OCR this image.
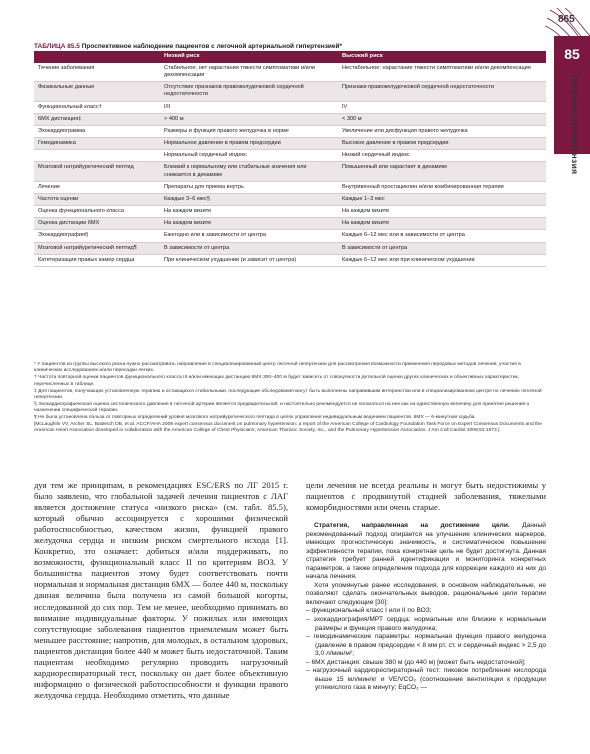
865
85
Легочная гипертензия
ТАБЛИЦА 85.5 Проспективное наблюдение пациентов с легочной артериальной гипертензией*
	Низкий риск	Высокий риск
Течение заболевания	Стабильное; нет нарастания тяжести симптоматики и/или декомпенсации	Нестабильное; нарастание тяжести симптоматики и/или декомпенсация
Физикальные данные	Отсутствие признаков правожелудочковой сердечной недостаточности	Признаки правожелудочковой сердечной недостаточности
Функциональный класс†	I/II	IV
6МХ дистанция‡	> 400 м	< 300 м
Эхокардиограмма	Размеры и функция правого желудочка в норме	Увеличение или дисфункция правого желудочка
Гемодинамика	Нормальное давление в правом предсердии	Высокое давление в правом предсердии
	Нормальный сердечный индекс	Низкий сердечный индекс
Мозговой натрийуретический пептид	Близкий к нормальному или стабильные значения или снижается в динамике	Повышенный или нарастает в динамике
Лечение	Препараты для приема внутрь	Внутривенный простациклин и/или комбинированная терапия
Частота оценки	Каждые 3–6 мес§	Каждые 1–3 мес
Оценка функционального класса	На каждом визите	На каждом визите
Оценка дистанции 6МХ	На каждом визите	На каждом визите
Эхокардиография§	Ежегодно или в зависимости от центра	Каждые 6–12 мес или в зависимости от центра
Мозговой натрийуретический пептид¶	В зависимости от центра	В зависимости от центра
Катетеризация правых камер сердца	При клиническом ухудшении (и зависит от центра)	Каждые 6–12 мес или при клиническом ухудшении

* У пациентов из группы высокого риска нужно рассматривать направление в специализированный центр легочной гипертензии для рассмотрения возможности применения передовых методов лечения, участия в клинических исследованиях и/или пересадки легких.

† Частота повторной оценки пациентов функционального класса III и/или имеющих дистанцию 6МХ 300–400 м будет зависеть от совокупности детальной оценки других клинических и объективных характеристик, перечисленных в таблице.

‡ Для пациентов, получающих установленную терапию и остающихся стабильными, последующие обследования могут быть выполнены направившим интернистом или в специализированном центре по лечению легочной гипертензии.

§ Эхокардиографическая оценка систолического давления в легочной артерии является предварительной, и настоятельно рекомендуется не полагаться на нее как на единственную величину для принятия решения о назначении специфической терапии.

¶ Не была установлена польза от повторных определений уровня мозгового натрийуретического пептида в целях управления индивидуальным ведением пациентов. 6МХ — 6-минутная ходьба.

[McLaughlin VV, Archer SL, Badesch DB, et al. ACCF/AHA 2009 expert consensus document on pulmonary hypertension: a report of the American College of Cardiology Foundation Task Force on Expert Consensus Documents and the American Heart Association developed in collaboration with the American College of Chest Physicians; American Thoracic Society, Inc., and the Pulmonary Hypertension Association. J Am Coll Cardiol 2009;53:1573.]

дуя тем же принципам, в рекомендациях ESC/ERS по ЛГ 2015 г. было заявлено, что глобальной задачей лечения пациентов с ЛАГ является достижение статуса «низкого риска» (см. табл. 85.5), который обычно ассоциируется с хорошими физической работоспособностью, качеством жизни, функцией правого желудочка сердца и низким риском смертельного исхода [1]. Конкретно, это означает: добиться и/или поддерживать, по возможности, функциональный класс II по критериям ВОЗ. У большинства пациентов этому будет соответствовать почти нормальная и нормальная дистанция 6МХ — более 440 м, поскольку данная величина была получена из самой большой когорты, исследованной до сих пор. Тем не менее, необходимо принимать во внимание индивидуальные факторы. У пожилых или имеющих сопутствующие заболевания пациентов приемлемым может быть меньшее расстояние; напротив, для молодых, в остальном здоровых, пациентов дистанция более 440 м может быть недостаточной. Таким пациентам необходимо регулярно проводить нагрузочный кардиореспираторный тест, поскольку он дает более объективную информацию о физической работоспособности и функции правого желудочка сердца. Необходимо отметить, что данные
цели лечения не всегда реальны и могут быть недостижимы у пациентов с продвинутой стадией заболевания, тяжелыми коморбидностями или очень старые.

Стратегия, направленная на достижение цели. Данный рекомендованный подход опирается на улучшение клинических маркеров, имеющих прогностическую значимость, и систематическое повышение эффективности терапии, пока конкретная цель не будет достигнута. Данная стратегия требует ранней идентификации и мониторинга конкретных параметров, а также определения подхода для коррекции каждого из них до начала лечения.

Хотя упомянутые ранее исследования, в основном наблюдательные, не позволяют сделать окончательных выводов, рациональные цели терапии включают следующие [30]:

– функциональный класс I или II по ВОЗ;
– эхокардиография/МРТ сердца: нормальные или близкие к нормальным размеры и функция правого желудочка;
– гемодинамические параметры: нормальная функция правого желудочка (давление в правом предсердии < 8 мм рт. ст. и сердечный индекс > 2,5 до 3,0 л/мин/м²;
– 6МХ дистанция: свыше 380 м (до 440 м) [может быть недостаточной];
– нагрузочный кардиореспираторный тест: пиковое потребление кислорода выше 15 мл/мин/кг и VE/VCO₂ (соотношение вентиляции к продукции углекислого газа в минуту; EqCO₂ —
